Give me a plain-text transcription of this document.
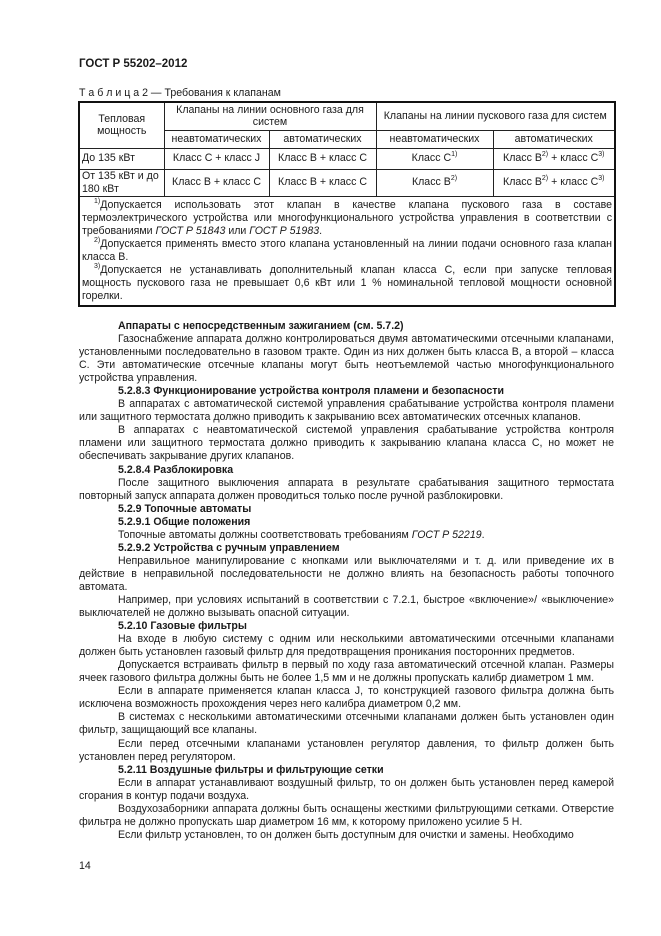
ГОСТ Р 55202–2012
Т а б л и ц а 2 — Требования к клапанам
Тепловая мощность	Клапаны на линии основного газа для систем		Клапаны на линии пускового газа для систем	
	неавтоматических	автоматических	неавтоматических	автоматических
До 135 кВт	Класс С + класс J	Класс В + класс С	Класс $С^{1)}$	Класс $В^{2)}$ + класс $С^{3)}$
От 135 кВт и до 180 кВт	Класс В + класс С	Класс В + класс С	Класс $В^{2)}$	Класс $В^{2)}$ + класс $С^{3)}$

$^{1)}$Допускается использовать этот клапан в качестве клапана пускового газа в составе термоэлектрического устройства или многофункционального устройства управления в соответствии с требованиями ГОСТ Р 51843 или ГОСТ Р 51983.

$^{2)}$Допускается применять вместо этого клапана установленный на линии подачи основного газа клапан класса В.

$^{3)}$Допускается не устанавливать дополнительный клапан класса С, если при запуске тепловая мощность пускового газа не превышает 0,6 кВт или 1 % номинальной тепловой мощности основной горелки.				

Аппараты с непосредственным зажиганием (см. 5.7.2)

Газоснабжение аппарата должно контролироваться двумя автоматическими отсечными клапанами, установленными последовательно в газовом тракте. Один из них должен быть класса В, а второй – класса С. Эти автоматические отсечные клапаны могут быть неотъемлемой частью многофункционального устройства управления.

5.2.8.3 Функционирование устройства контроля пламени и безопасности

В аппаратах с автоматической системой управления срабатывание устройства контроля пламени или защитного термостата должно приводить к закрыванию всех автоматических отсечных клапанов.

В аппаратах с неавтоматической системой управления срабатывание устройства контроля пламени или защитного термостата должно приводить к закрыванию клапана класса С, но может не обеспечивать закрывание других клапанов.

5.2.8.4 Разблокировка

После защитного выключения аппарата в результате срабатывания защитного термостата повторный запуск аппарата должен проводиться только после ручной разблокировки.

5.2.9 Топочные автоматы

5.2.9.1 Общие положения

Топочные автоматы должны соответствовать требованиям ГОСТ Р 52219.

5.2.9.2 Устройства с ручным управлением

Неправильное манипулирование с кнопками или выключателями и т. д. или приведение их в действие в неправильной последовательности не должно влиять на безопасность работы топочного автомата.

Например, при условиях испытаний в соответствии с 7.2.1, быстрое «включение»/ «выключение» выключателей не должно вызывать опасной ситуации.

5.2.10 Газовые фильтры

На входе в любую систему с одним или несколькими автоматическими отсечными клапанами должен быть установлен газовый фильтр для предотвращения проникания посторонних предметов.

Допускается встраивать фильтр в первый по ходу газа автоматический отсечной клапан. Размеры ячеек газового фильтра должны быть не более 1,5 мм и не должны пропускать калибр диаметром 1 мм.

Если в аппарате применяется клапан класса J, то конструкцией газового фильтра должна быть исключена возможность прохождения через него калибра диаметром 0,2 мм.

В системах с несколькими автоматическими отсечными клапанами должен быть установлен один фильтр, защищающий все клапаны.

Если перед отсечными клапанами установлен регулятор давления, то фильтр должен быть установлен перед регулятором.

5.2.11 Воздушные фильтры и фильтрующие сетки

Если в аппарат устанавливают воздушный фильтр, то он должен быть установлен перед камерой сгорания в контур подачи воздуха.

Воздухозаборники аппарата должны быть оснащены жесткими фильтрующими сетками. Отверстие фильтра не должно пропускать шар диаметром 16 мм, к которому приложено усилие 5 Н.

Если фильтр установлен, то он должен быть доступным для очистки и замены. Необходимо

14
